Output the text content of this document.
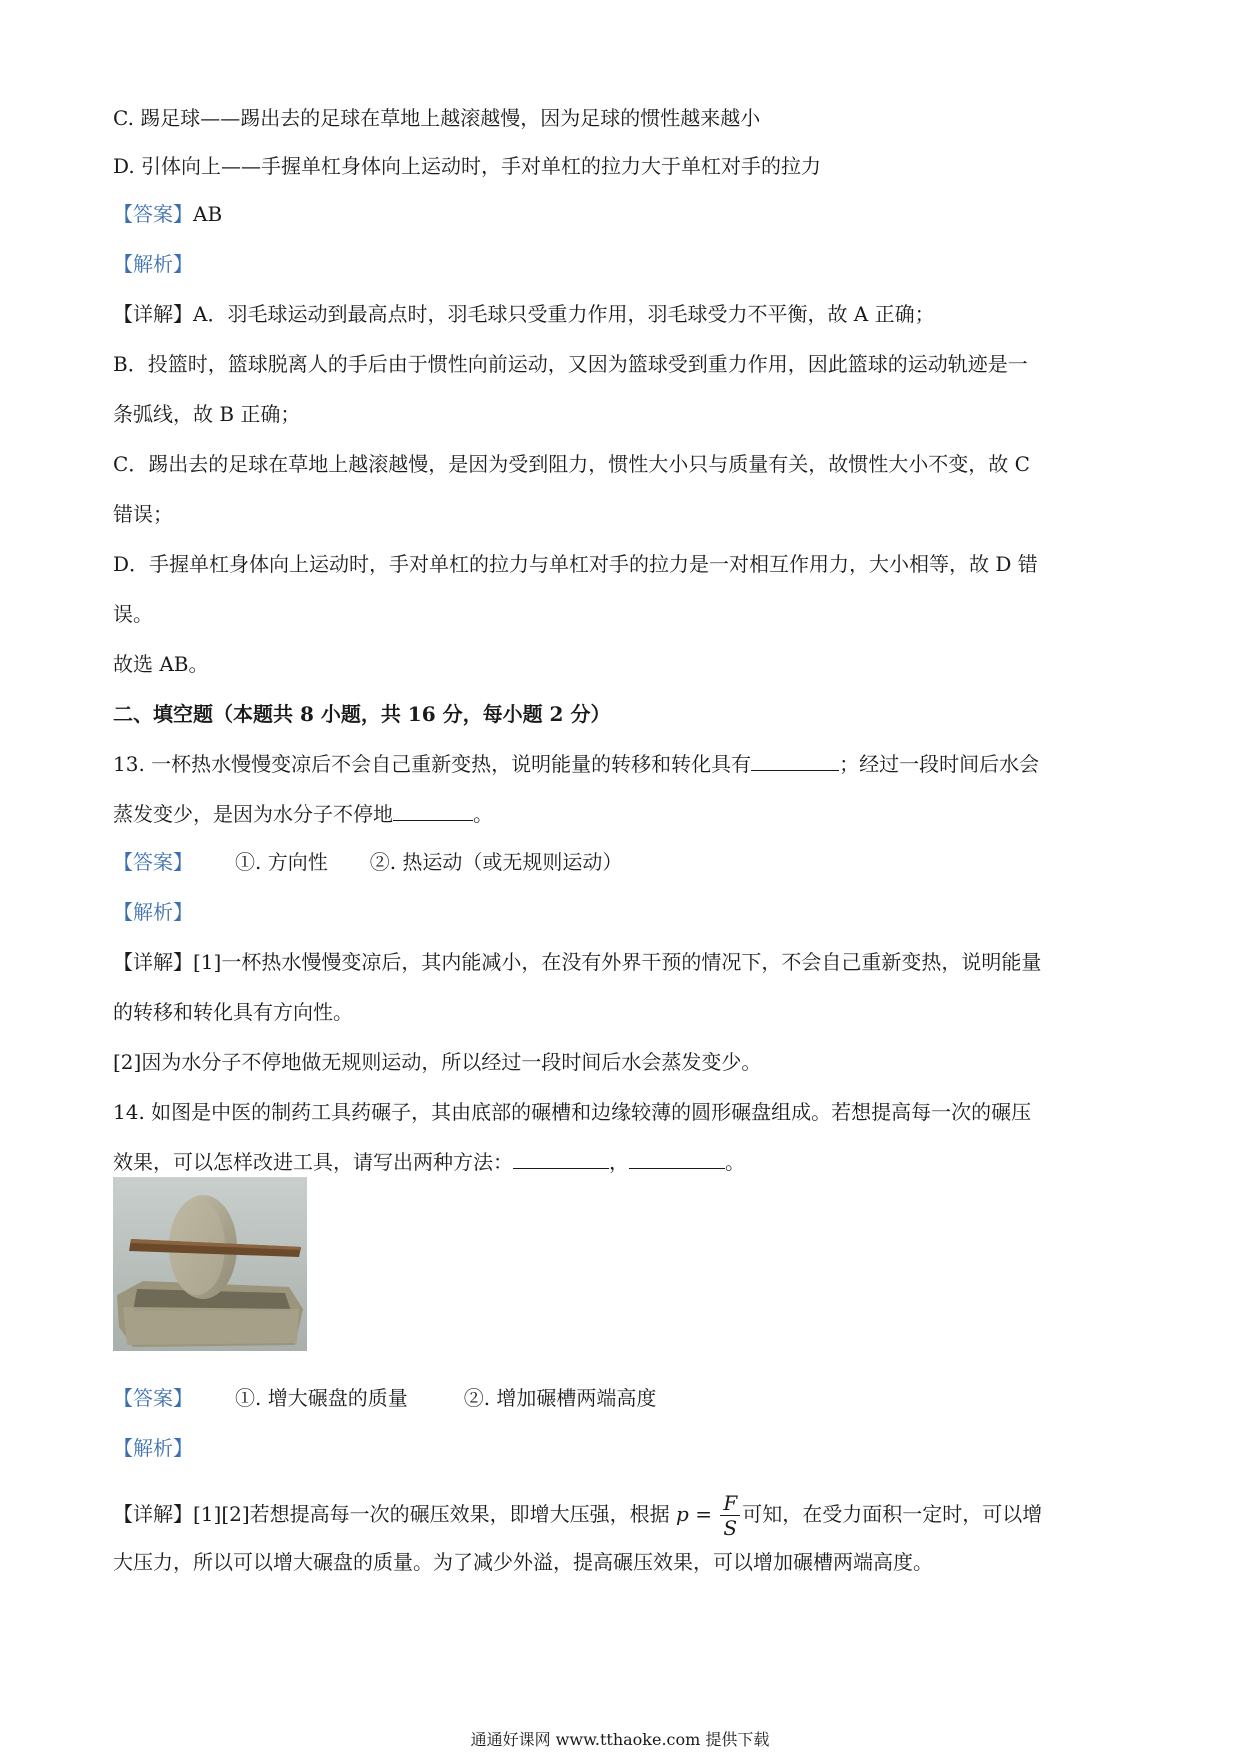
C. 踢足球——踢出去的足球在草地上越滚越慢，因为足球的惯性越来越小
D. 引体向上——手握单杠身体向上运动时，手对单杠的拉力大于单杠对手的拉力
【答案】AB
【解析】
【详解】A．羽毛球运动到最高点时，羽毛球只受重力作用，羽毛球受力不平衡，故 A 正确；
B．投篮时，篮球脱离人的手后由于惯性向前运动，又因为篮球受到重力作用，因此篮球的运动轨迹是一
条弧线，故 B 正确；
C．踢出去的足球在草地上越滚越慢，是因为受到阻力，惯性大小只与质量有关，故惯性大小不变，故 C
错误；
D．手握单杠身体向上运动时，手对单杠的拉力与单杠对手的拉力是一对相互作用力，大小相等，故 D 错
误。
故选 AB。
二、填空题（本题共 8 小题，共 16 分，每小题 2 分）
13. 一杯热水慢慢变凉后不会自己重新变热，说明能量的转移和转化具有	；经过一段时间后水会
蒸发变少，是因为水分子不停地	。
【答案】 ①. 方向性 ②. 热运动（或无规则运动）
【解析】
【详解】[1]一杯热水慢慢变凉后，其内能减小，在没有外界干预的情况下，不会自己重新变热，说明能量
的转移和转化具有方向性。
[2]因为水分子不停地做无规则运动，所以经过一段时间后水会蒸发变少。
14. 如图是中医的制药工具药碾子，其由底部的碾槽和边缘较薄的圆形碾盘组成。若想提高每一次的碾压
效果，可以怎样改进工具，请写出两种方法：	，	。
【答案】 ①. 增大碾盘的质量	②. 增加碾槽两端高度
【解析】
【详解】[1][2]若想提高每一次的碾压效果，即增大压强，根据 $p = \frac{F}{S}$ 可知，在受力面积一定时，可以增
大压力，所以可以增大碾盘的质量。为了减少外溢，提高碾压效果，可以增加碾槽两端高度。
通通好课网 www.tthaoke.com 提供下载
